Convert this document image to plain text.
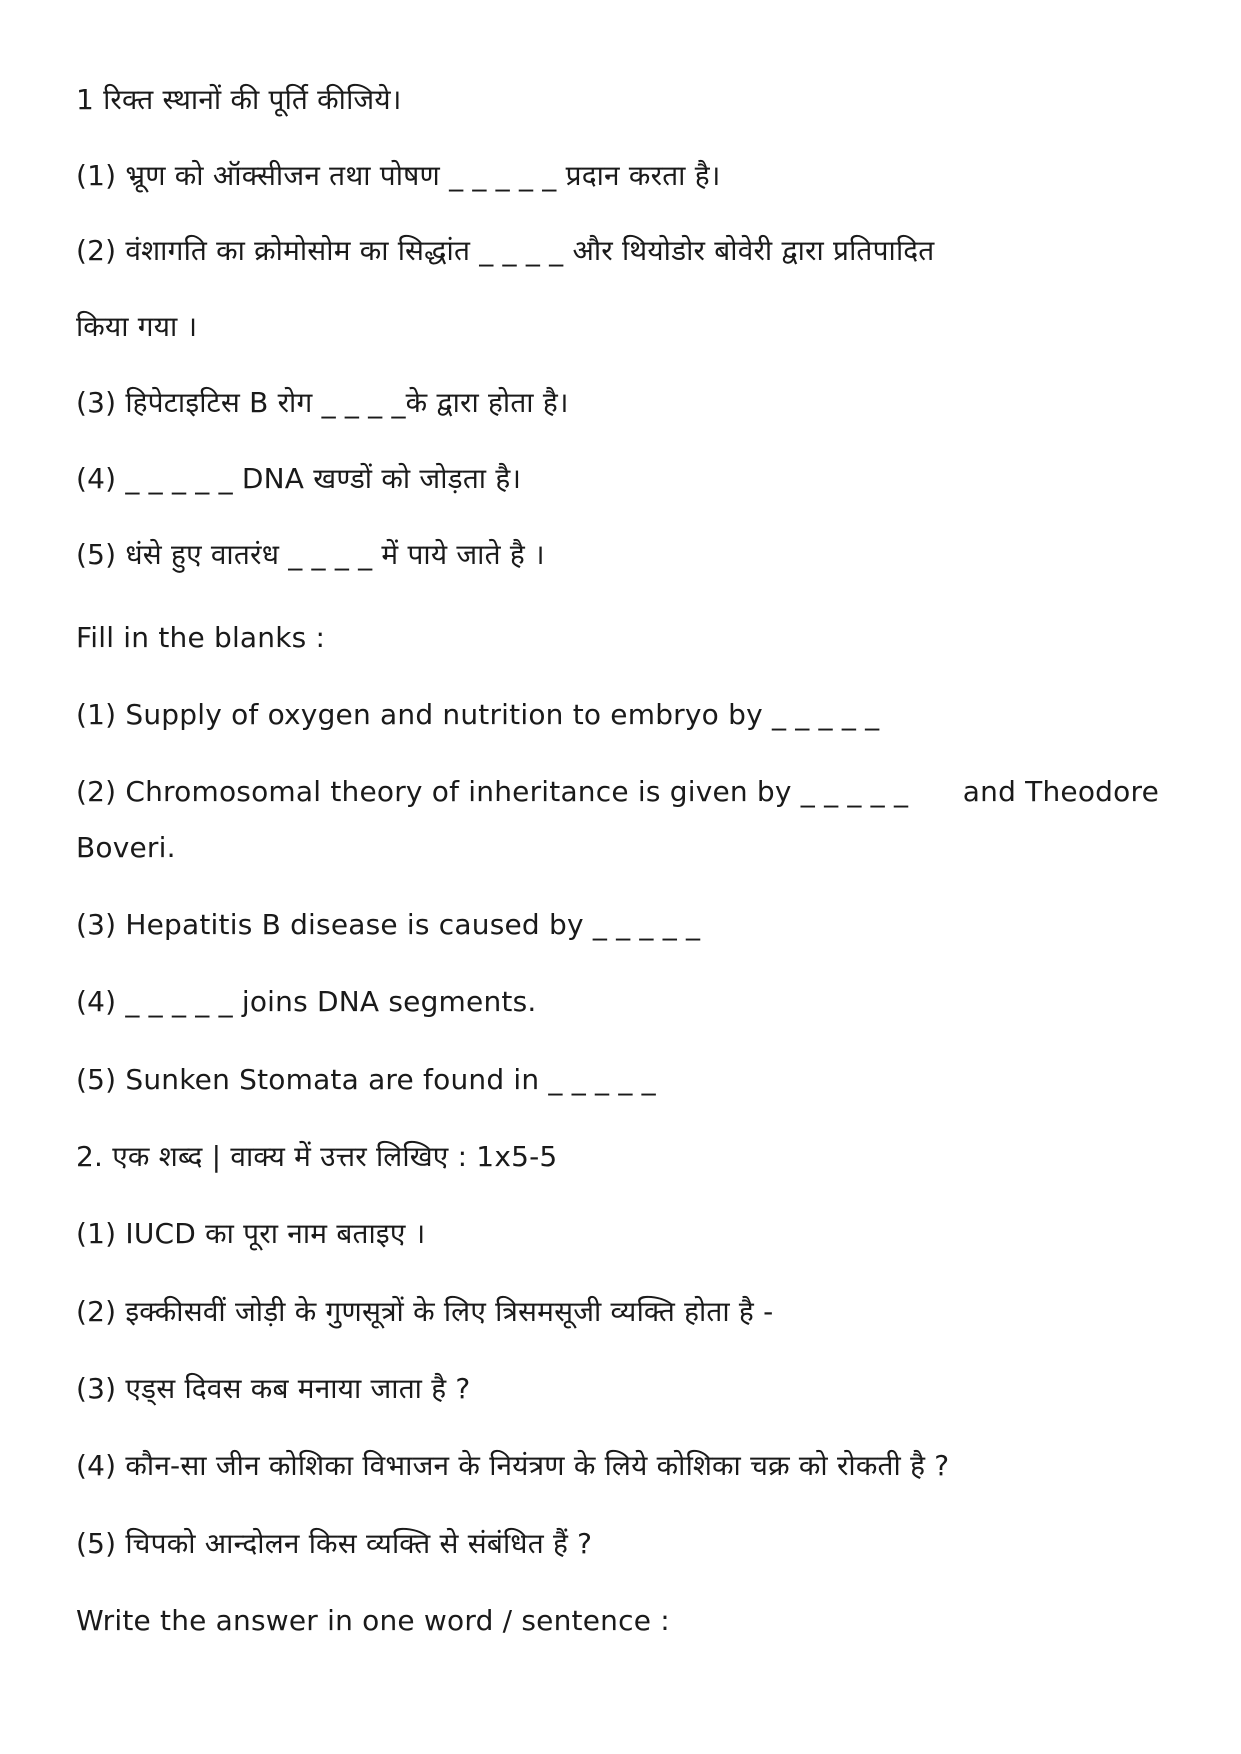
1 रिक्त स्थानों की पूर्ति कीजिये।
(1) भ्रूण को ऑक्सीजन तथा पोषण _ _ _ _ _ प्रदान करता है।
(2) वंशागति का क्रोमोसोम का सिद्धांत _ _ _ _ और थियोडोर बोवेरी द्वारा प्रतिपादित
किया गया ।
(3) हिपेटाइटिस B रोग _ _ _ _के द्वारा होता है।
(4) _ _ _ _ _ DNA खण्डों को जोड़ता है।
(5) धंसे हुए वातरंध _ _ _ _ में पाये जाते है ।
Fill in the blanks :
(1) Supply of oxygen and nutrition to embryo by _ _ _ _ _
(2) Chromosomal theory of inheritance is given by _ _ _ _ _ and Theodore
Boveri.
(3) Hepatitis B disease is caused by _ _ _ _ _
(4) _ _ _ _ _ joins DNA segments.
(5) Sunken Stomata are found in _ _ _ _ _
2. एक शब्द | वाक्य में उत्तर लिखिए : 1x5-5
(1) IUCD का पूरा नाम बताइए ।
(2) इक्कीसवीं जोड़ी के गुणसूत्रों के लिए त्रिसमसूजी व्यक्ति होता है -
(3) एड्स दिवस कब मनाया जाता है ?
(4) कौन-सा जीन कोशिका विभाजन के नियंत्रण के लिये कोशिका चक्र को रोकती है ?
(5) चिपको आन्दोलन किस व्यक्ति से संबंधित हैं ?
Write the answer in one word / sentence :
